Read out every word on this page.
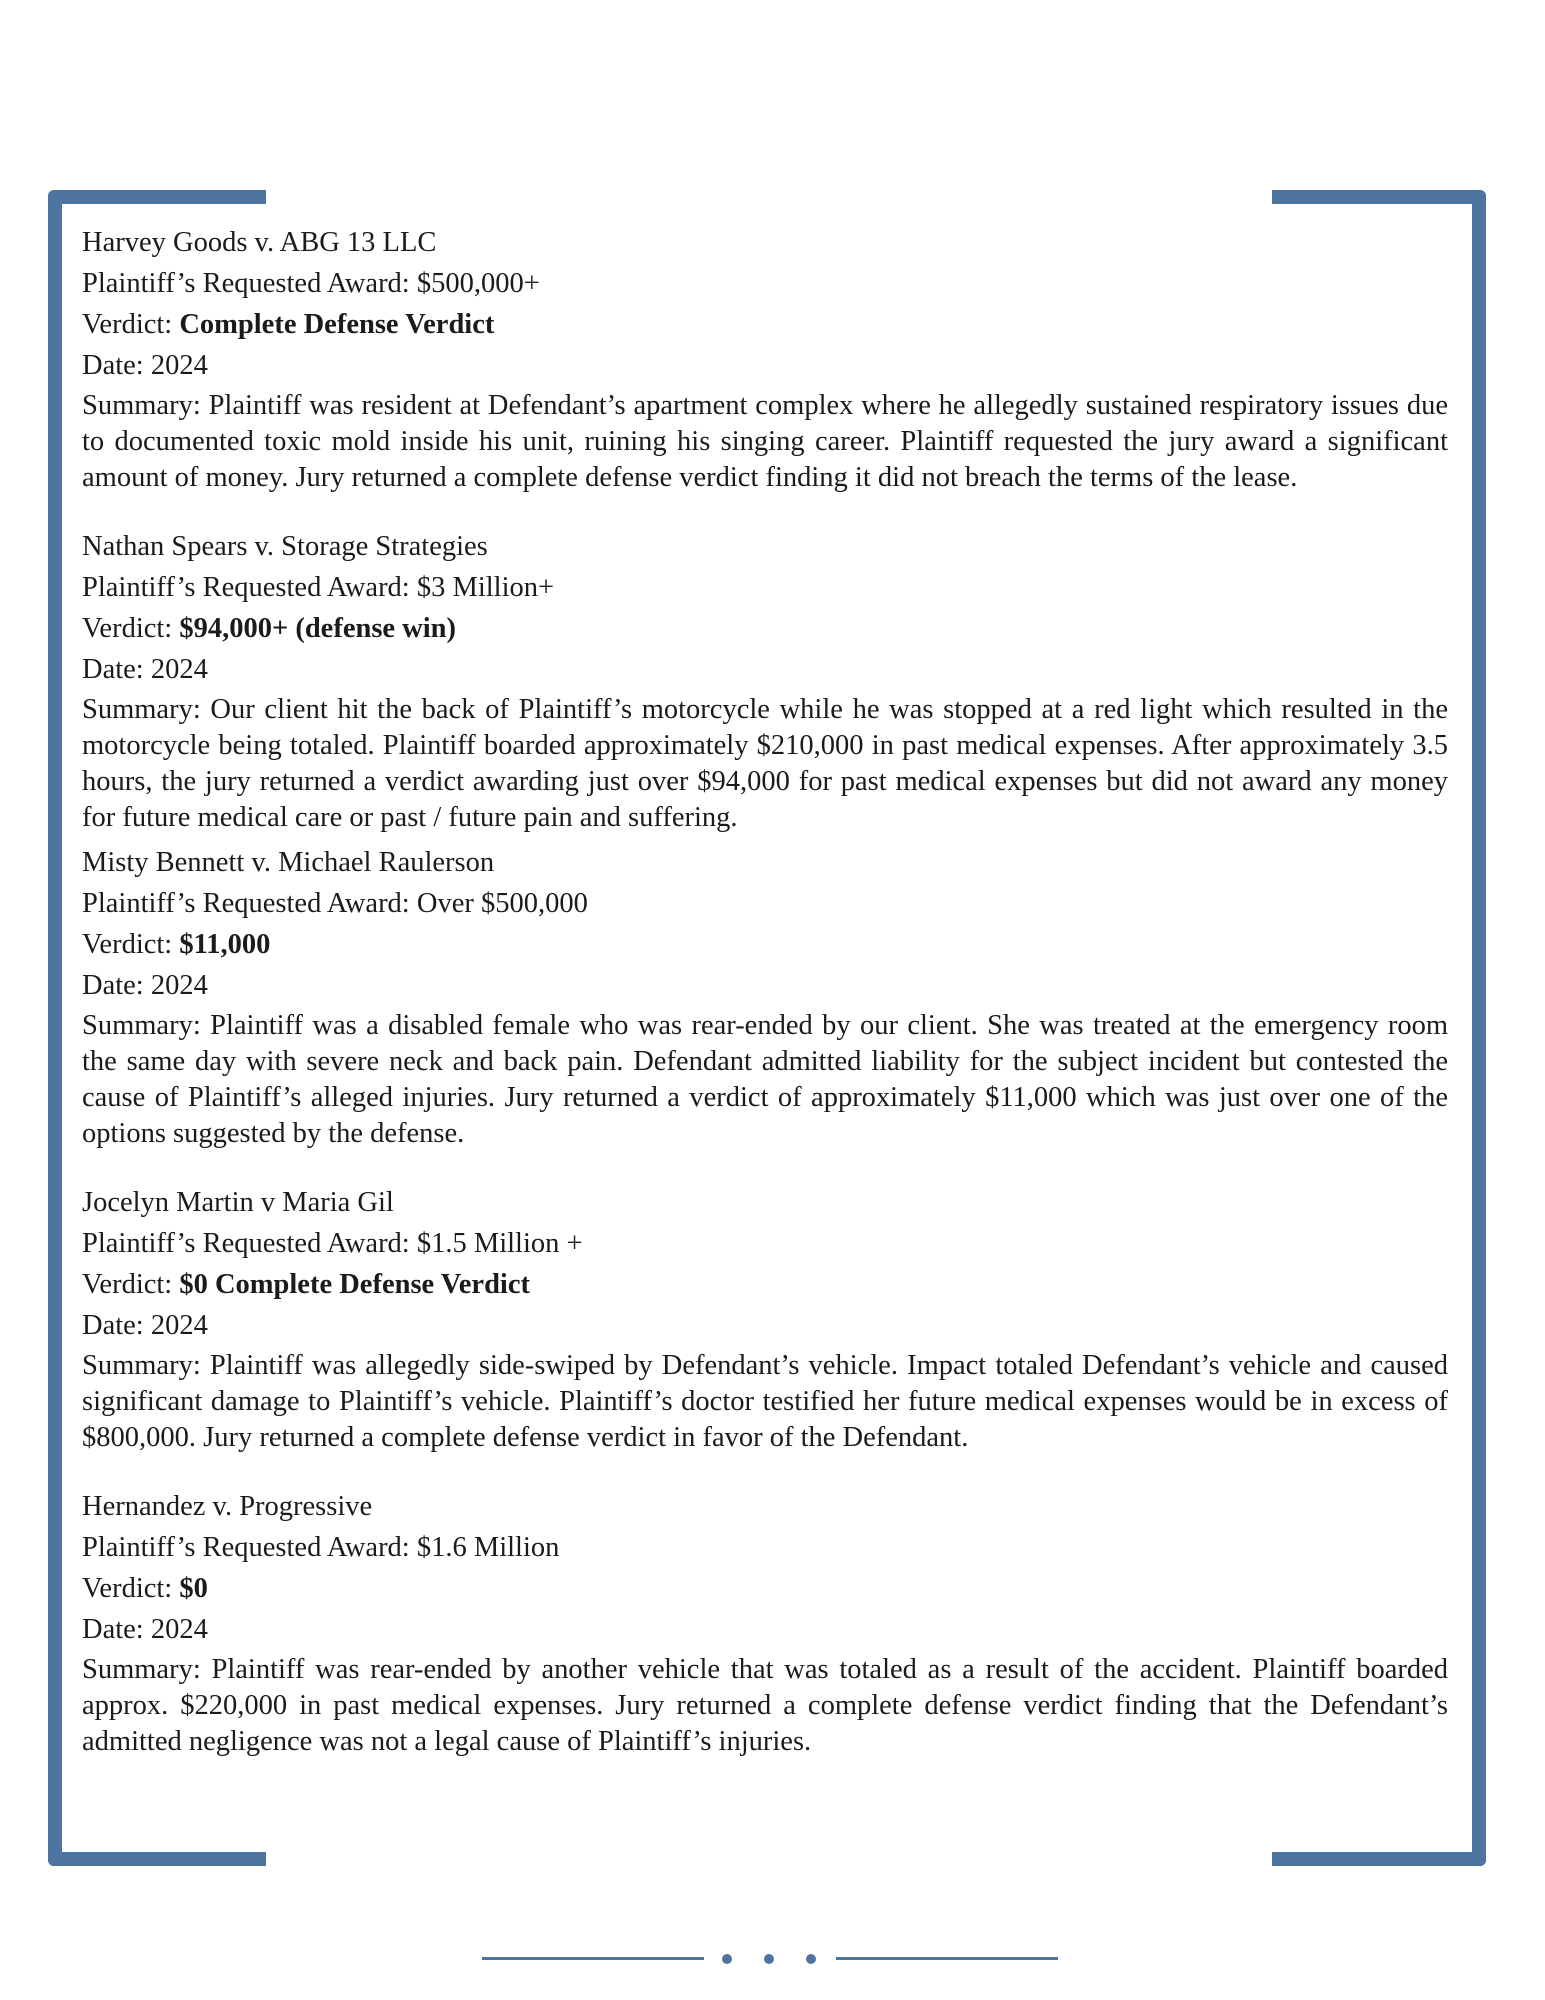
Harvey Goods v. ABG 13 LLC
Plaintiff’s Requested Award: $500,000+
Verdict: Complete Defense Verdict
Date: 2024
Summary: Plaintiff was resident at Defendant’s apartment complex where he allegedly sustained respiratory issues due to documented toxic mold inside his unit, ruining his singing career. Plaintiff requested the jury award a significant amount of money. Jury returned a complete defense verdict finding it did not breach the terms of the lease.
Nathan Spears v. Storage Strategies
Plaintiff’s Requested Award: $3 Million+
Verdict: $94,000+ (defense win)
Date: 2024
Summary: Our client hit the back of Plaintiff’s motorcycle while he was stopped at a red light which resulted in the motorcycle being totaled. Plaintiff boarded approximately $210,000 in past medical expenses. After approximately 3.5 hours, the jury returned a verdict awarding just over $94,000 for past medical expenses but did not award any money for future medical care or past / future pain and suffering.
Misty Bennett v. Michael Raulerson
Plaintiff’s Requested Award: Over $500,000
Verdict: $11,000
Date: 2024
Summary: Plaintiff was a disabled female who was rear-ended by our client. She was treated at the emergency room the same day with severe neck and back pain. Defendant admitted liability for the subject incident but contested the cause of Plaintiff’s alleged injuries. Jury returned a verdict of approximately $11,000 which was just over one of the options suggested by the defense.
Jocelyn Martin v Maria Gil
Plaintiff’s Requested Award: $1.5 Million +
Verdict: $0 Complete Defense Verdict
Date: 2024
Summary: Plaintiff was allegedly side-swiped by Defendant’s vehicle. Impact totaled Defendant’s vehicle and caused significant damage to Plaintiff’s vehicle. Plaintiff’s doctor testified her future medical expenses would be in excess of $800,000. Jury returned a complete defense verdict in favor of the Defendant.
Hernandez v. Progressive
Plaintiff’s Requested Award: $1.6 Million
Verdict: $0
Date: 2024
Summary: Plaintiff was rear-ended by another vehicle that was totaled as a result of the accident. Plaintiff boarded approx. $220,000 in past medical expenses. Jury returned a complete defense verdict finding that the Defendant’s admitted negligence was not a legal cause of Plaintiff’s injuries.
